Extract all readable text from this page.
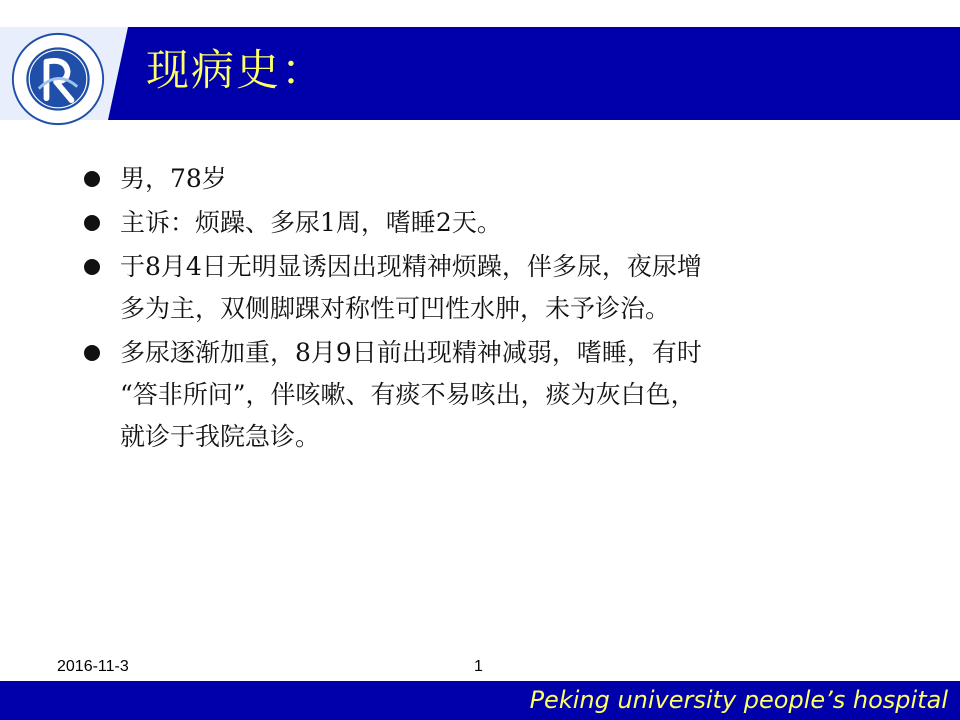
现病史：
男，78岁
主诉：烦躁、多尿1周，嗜睡2天。
于8月4日无明显诱因出现精神烦躁，伴多尿，夜尿增
多为主，双侧脚踝对称性可凹性水肿，未予诊治。
多尿逐渐加重，8月9日前出现精神减弱，嗜睡，有时
“答非所问”，伴咳嗽、有痰不易咳出，痰为灰白色，
就诊于我院急诊。
2016-11-3	1
Peking university people’s hospital
